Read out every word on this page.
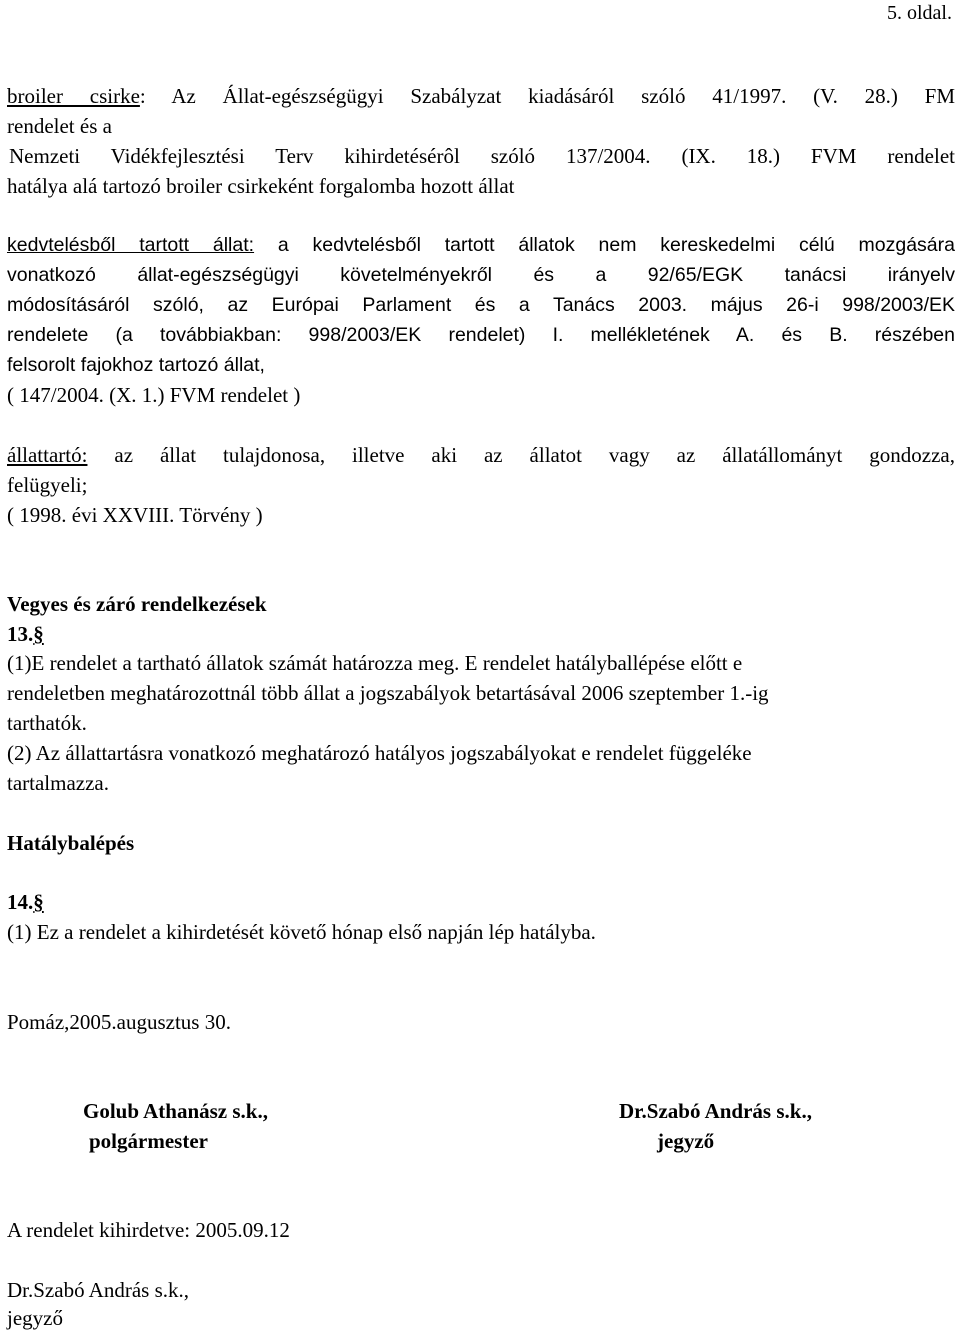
5. oldal.
broiler csirke: Az Állat-egészségügyi Szabályzat kiadásáról szóló 41/1997. (V. 28.) FM
rendelet és a
Nemzeti Vidékfejlesztési Terv kihirdetésérôl szóló 137/2004. (IX. 18.) FVM rendelet
hatálya alá tartozó broiler csirkeként forgalomba hozott állat
kedvtelésből tartott állat: a kedvtelésből tartott állatok nem kereskedelmi célú mozgására
vonatkozó állat-egészségügyi követelményekről és a 92/65/EGK tanácsi irányelv
módosításáról szóló, az Európai Parlament és a Tanács 2003. május 26-i 998/2003/EK
rendelete (a továbbiakban: 998/2003/EK rendelet) I. mellékletének A. és B. részében
felsorolt fajokhoz tartozó állat,
( 147/2004. (X. 1.) FVM rendelet )
állattartó: az állat tulajdonosa, illetve aki az állatot vagy az állatállományt gondozza,
felügyeli;
( 1998. évi XXVIII. Törvény )
Vegyes és záró rendelkezések
13.§
(1)E rendelet a tartható állatok számát határozza meg. E rendelet hatályballépése előtt e
rendeletben meghatározottnál több állat a jogszabályok betartásával 2006 szeptember 1.-ig
tarthatók.
(2) Az állattartásra vonatkozó meghatározó hatályos jogszabályokat e rendelet függeléke
tartalmazza.
Hatálybalépés
14.§
(1) Ez a rendelet a kihirdetését követő hónap első napján lép hatályba.
Pomáz,2005.augusztus 30.
Golub Athanász s.k.,
polgármester
Dr.Szabó András s.k.,
jegyző
A rendelet kihirdetve: 2005.09.12
Dr.Szabó András s.k.,
jegyző
